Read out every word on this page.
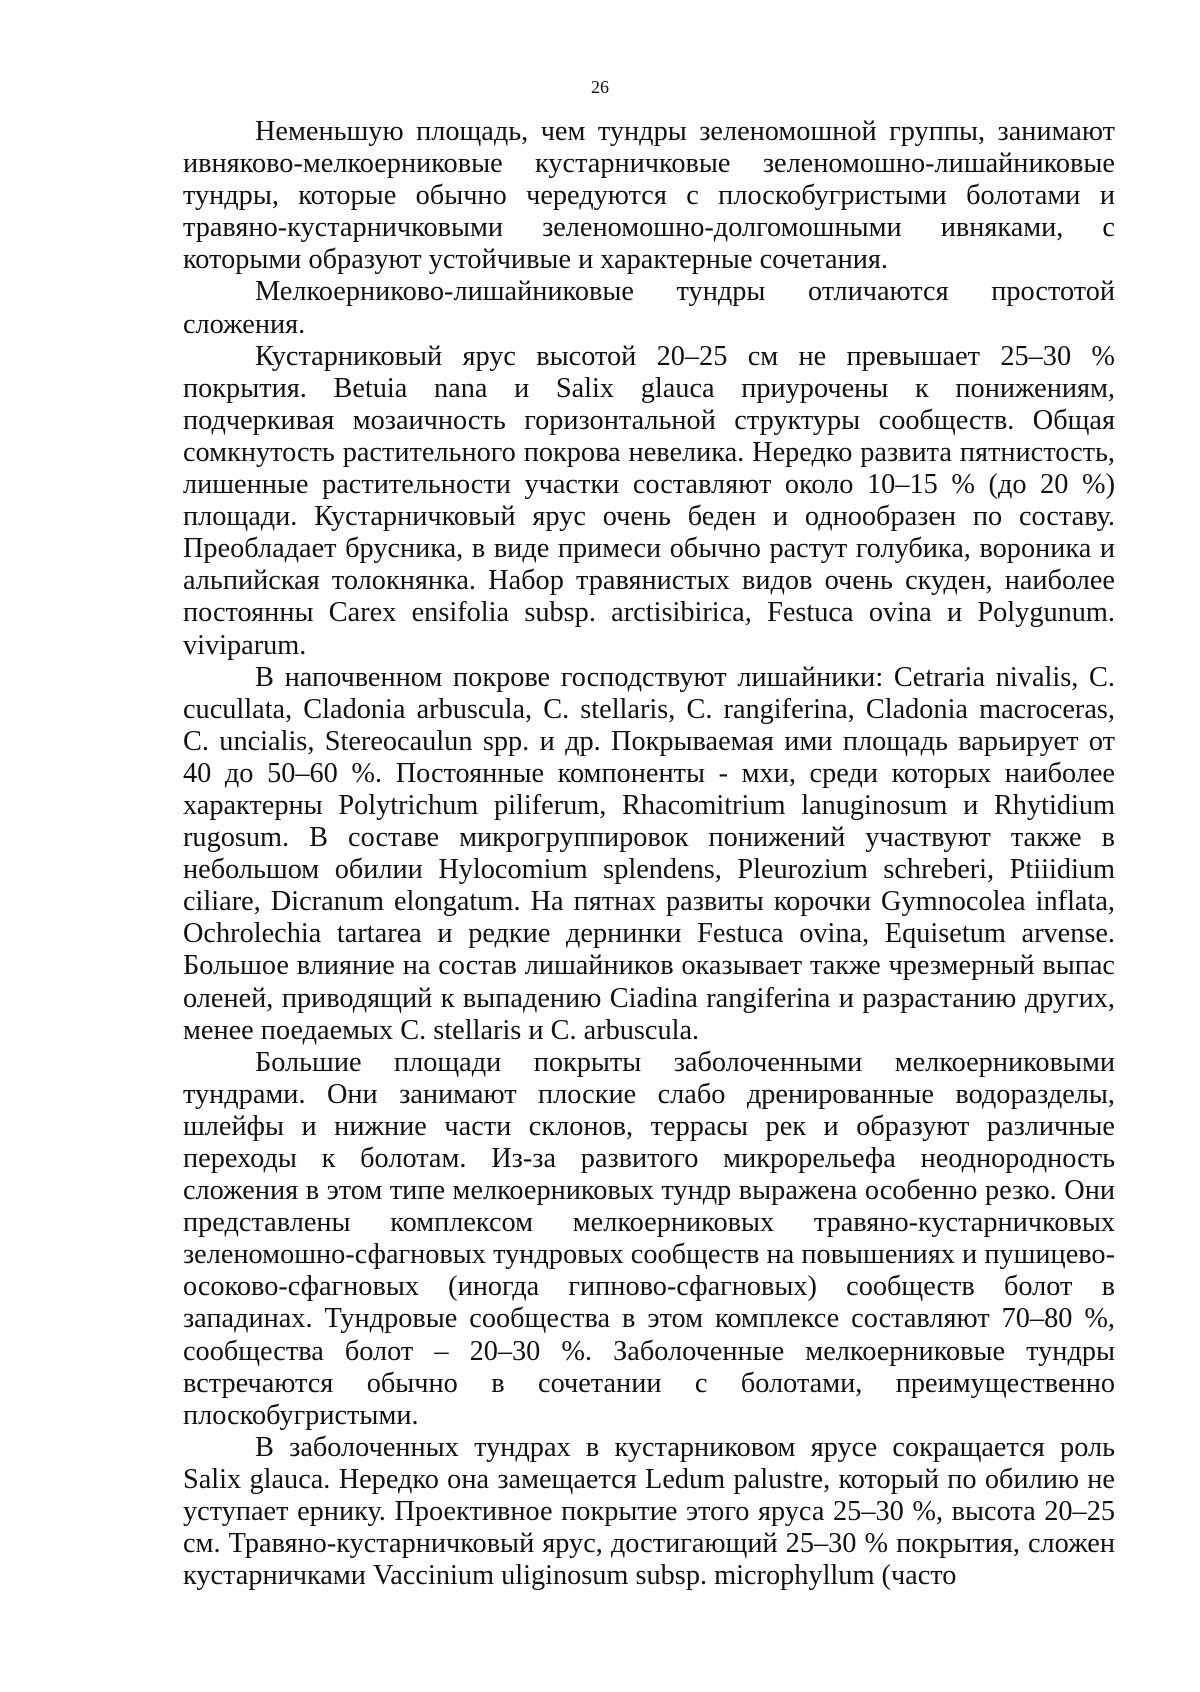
26

Неменьшую площадь, чем тундры зеленомошной группы, занимают ивняково-мелкоерниковые кустарничковые зеленомошно-лишайниковые тундры, которые обычно чередуются с плоскобугристыми болотами и травяно-кустарничковыми зеленомошно-долгомошными ивняками, с которыми образуют устойчивые и характерные сочетания.

Мелкоерниково-лишайниковые тундры отличаются простотой сложения.

Кустарниковый ярус высотой 20–25 см не превышает 25–30 % покрытия. Betuia nana и Salix glauca приурочены к понижениям, подчеркивая мозаичность горизонтальной структуры сообществ. Общая сомкнутость растительного покрова невелика. Нередко развита пятнистость, лишенные растительности участки составляют около 10–15 % (до 20 %) площади. Кустарничковый ярус очень беден и однообразен по составу. Преобладает брусника, в виде примеси обычно растут голубика, вороника и альпийская толокнянка. Набор травянистых видов очень скуден, наиболее постоянны Carex ensifolia subsp. arctisibirica, Festuca ovina и Polygunum. viviparum.

В напочвенном покрове господствуют лишайники: Cetraria nivalis, C. cucullata, Cladonia arbuscula, C. stellaris, C. rangiferina, Cladonia macroceras, C. uncialis, Stereocaulun spp. и др. Покрываемая ими площадь варьирует от 40 до 50–60 %. Постоянные компоненты - мхи, среди которых наиболее характерны Polytrichum piliferum, Rhacomitrium lanuginosum и Rhytidium rugosum. В составе микрогруппировок понижений участвуют также в небольшом обилии Hylocomium splendens, Pleurozium schreberi, Ptiiidium ciliare, Dicranum elongatum. На пятнах развиты корочки Gymnocolea inflata, Ochrolechia tartarea и редкие дернинки Festuca ovina, Equisetum arvense. Большое влияние на состав лишайников оказывает также чрезмерный выпас оленей, приводящий к выпадению Ciadina rangiferina и разрастанию других, менее поедаемых C. stellaris и C. arbuscula.

Большие площади покрыты заболоченными мелкоерниковыми тундрами. Они занимают плоские слабо дренированные водоразделы, шлейфы и нижние части склонов, террасы рек и образуют различные переходы к болотам. Из-за развитого микрорельефа неоднородность сложения в этом типе мелкоерниковых тундр выражена особенно резко. Они представлены комплексом мелкоерниковых травяно-кустарничковых зеленомошно-сфагновых тундровых сообществ на повышениях и пушицево-осоково-сфагновых (иногда гипново-сфагновых) сообществ болот в западинах. Тундровые сообщества в этом комплексе составляют 70–80 %, сообщества болот – 20–30 %. Заболоченные мелкоерниковые тундры встречаются обычно в сочетании с болотами, преимущественно плоскобугристыми.

В заболоченных тундрах в кустарниковом ярусе сокращается роль Salix glauca. Нередко она замещается Ledum palustre, который по обилию не уступает ернику. Проективное покрытие этого яруса 25–30 %, высота 20–25 см. Травяно-кустарничковый ярус, достигающий 25–30 % покрытия, сложен кустарничками Vaccinium uliginosum subsp. microphyllum (часто
